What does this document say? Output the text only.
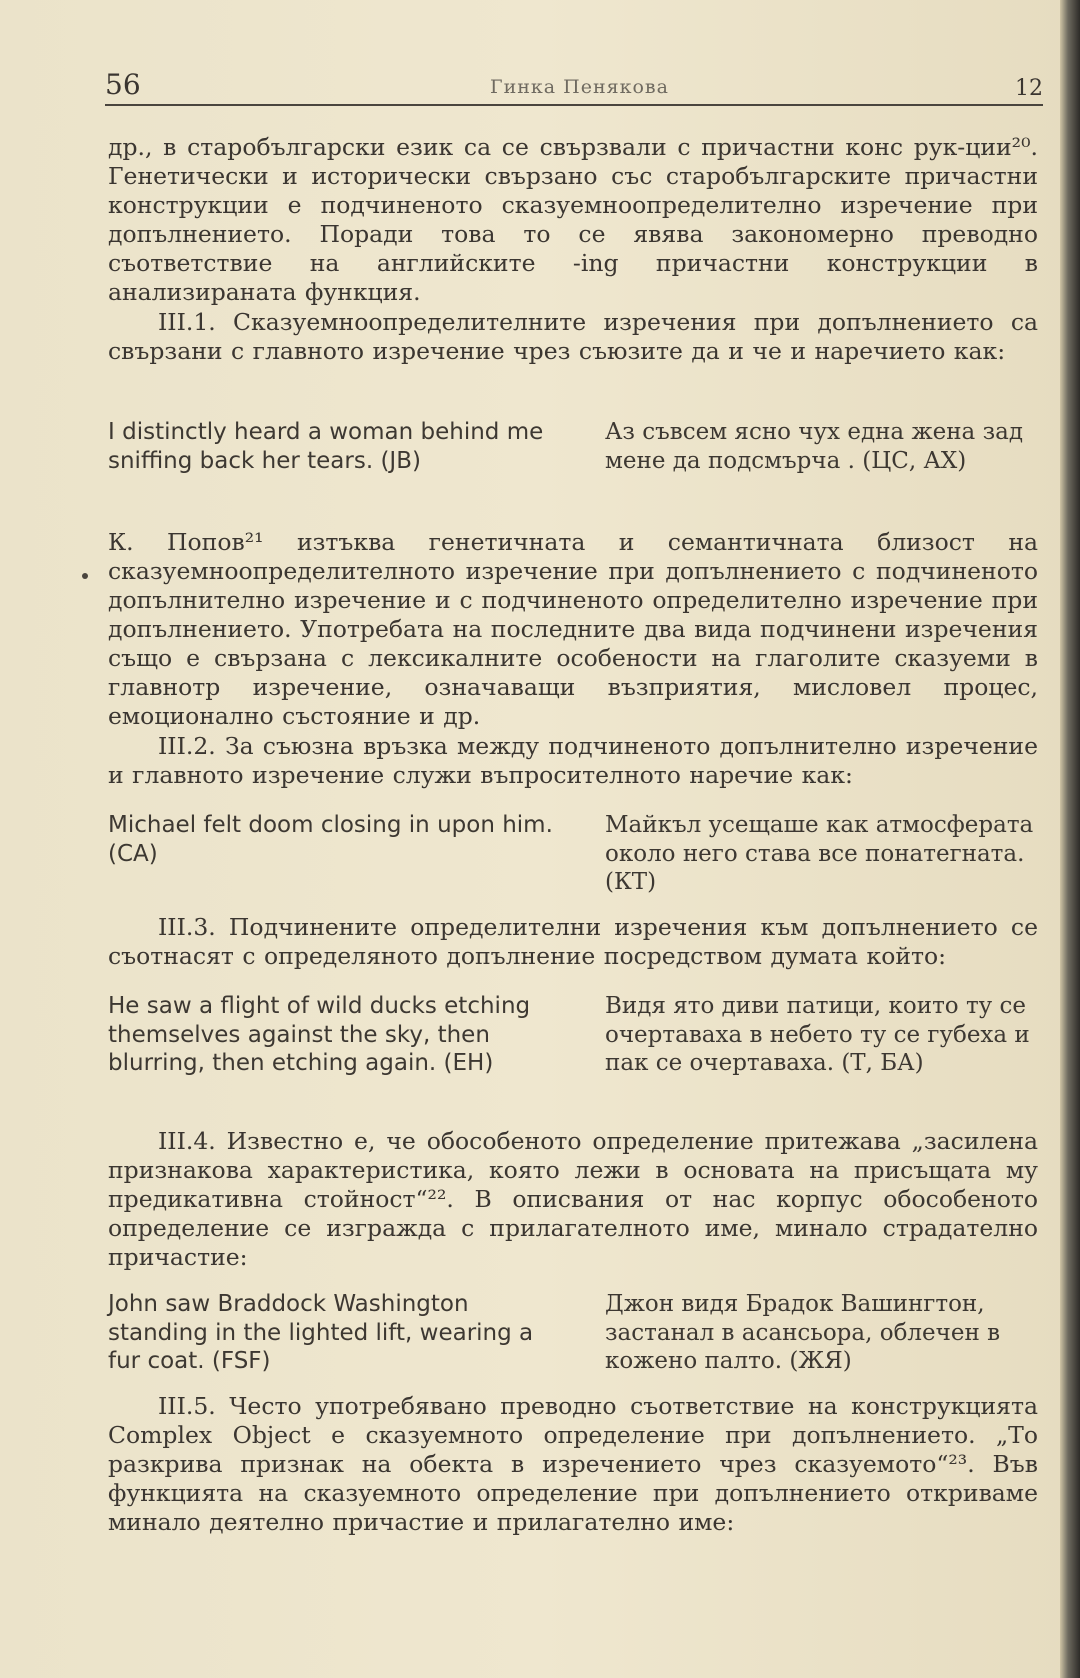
56	Гинка Пенякова	12

др., в старобългарски език са се свързвали с причастни конс рук-ции²⁰. Генетически и исторически свързано със старобългарските причастни конструкции е подчиненото сказуемноопределително изречение при допълнението. Поради това то се явява закономерно преводно съответствие на английските -ing причастни конструкции в анализираната функция.

III.1. Сказуемноопределителните изречения при допълнението са свързани с главното изречение чрез съюзите да и че и наречието как:

I distinctly heard a woman behind me sniffing back her tears. (JB)

Аз съвсем ясно чух една жена зад мене да подсмърча . (ЦС, АХ)

К. Попов²¹ изтъква генетичната и семантичната близост на сказуемноопределителното изречение при допълнението с подчиненото допълнително изречение и с подчиненото определително изречение при допълнението. Употребата на последните два вида подчинени изречения също е свързана с лексикалните особености на глаголите сказуеми в главнотр изречение, означаващи възприятия, мисловел процес, емоционално състояние и др.

III.2. За съюзна връзка между подчиненото допълнително изречение и главното изречение служи въпросителното наречие как:

Michael felt doom closing in upon him. (CA)

Майкъл усещаше как атмосферата около него става все понатегната. (КТ)

III.3. Подчинените определителни изречения към допълнението се съотнасят с определяното допълнение посредством думата който:

He saw a flight of wild ducks etching themselves against the sky, then blurring, then etching again. (EH)

Видя ято диви патици, които ту се очертаваха в небето ту се губеха и пак се очертаваха. (Т, БА)

III.4. Известно е, че обособеното определение притежава „засилена признакова характеристика, която лежи в основата на присъщата му предикативна стойност“²². В описвания от нас корпус обособеното определение се изгражда с прилагателното име, минало страдателно причастие:

John saw Braddock Washington standing in the lighted lift, wearing a fur coat. (FSF)

Джон видя Брадок Вашингтон, застанал в асансьора, облечен в кожено палто. (ЖЯ)

III.5. Често употребявано преводно съответствие на конструкцията Complex Object е сказуемното определение при допълнението. „То разкрива признак на обекта в изречението чрез сказуемото“²³. Във функцията на сказуемното определение при допълнението откриваме минало деятелно причастие и прилагателно име:
